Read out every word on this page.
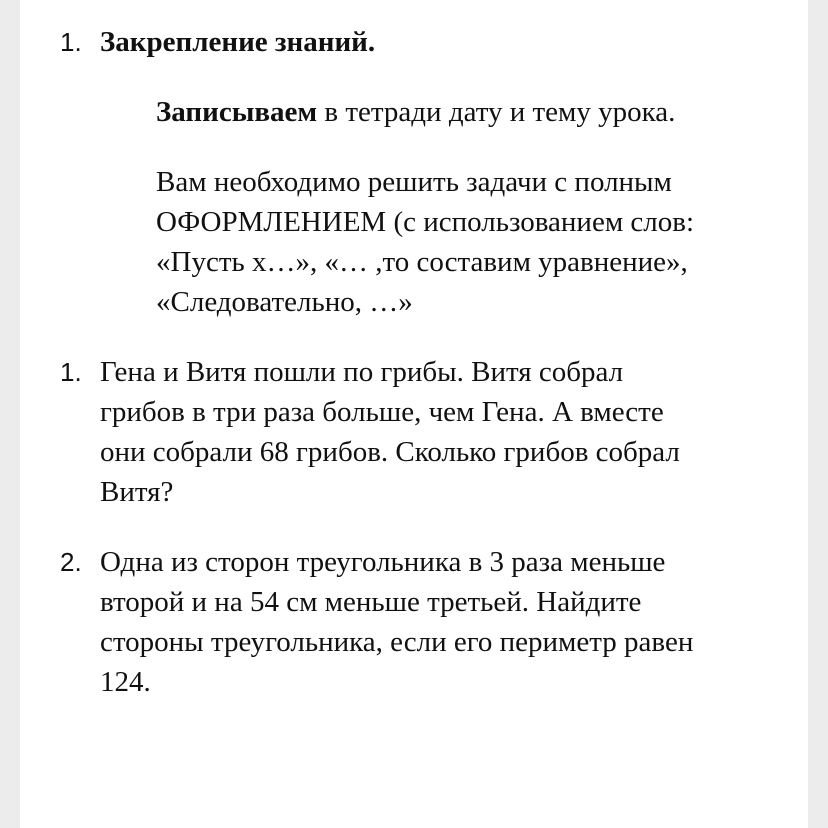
1. Закрепление знаний.
Записываем в тетради дату и тему урока.
Вам необходимо решить задачи с полным
ОФОРМЛЕНИЕМ (с использованием слов:
«Пусть х…», «… ,то составим уравнение»,
«Следовательно, …»
1. Гена и Витя пошли по грибы. Витя собрал
грибов в три раза больше, чем Гена. А вместе
они собрали 68 грибов. Сколько грибов собрал
Витя?
2. Одна из сторон треугольника в 3 раза меньше
второй и на 54 см меньше третьей. Найдите
стороны треугольника, если его периметр равен
124.
